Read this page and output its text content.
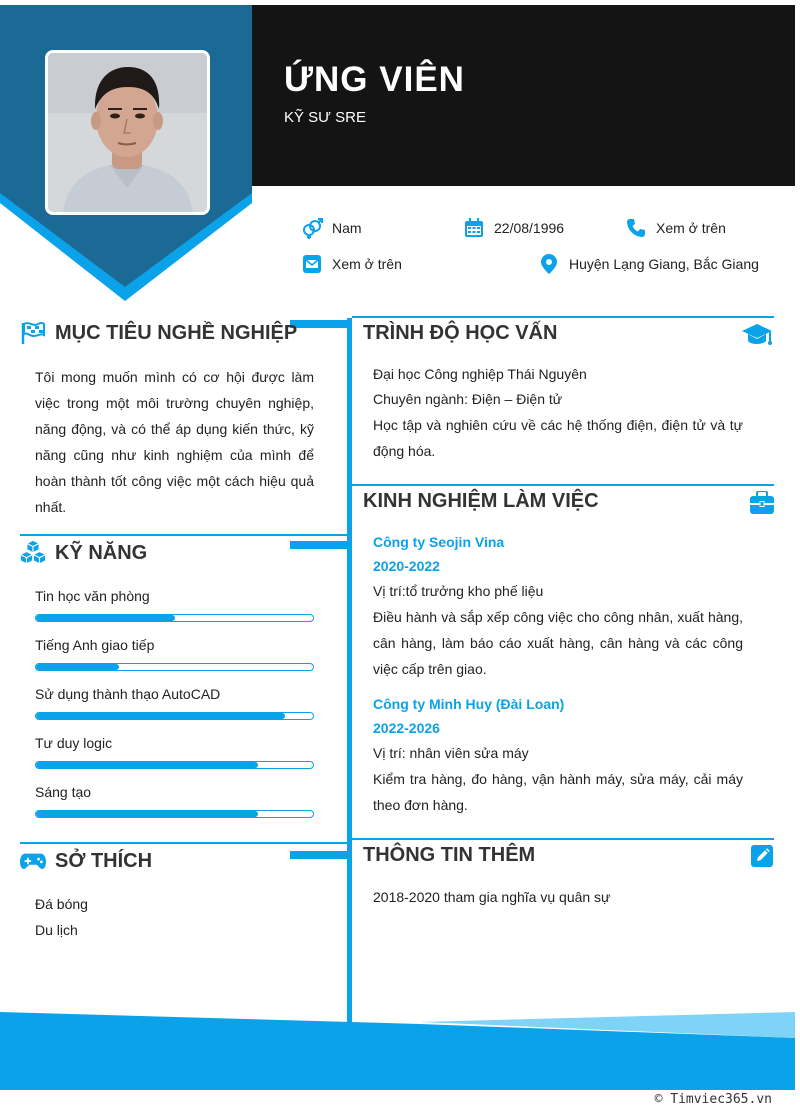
ỨNG VIÊN
KỸ SƯ SRE
Nam	22/08/1996	Xem ở trên
Xem ở trên	Huyện Lạng Giang, Bắc Giang
MỤC TIÊU NGHỀ NGHIỆP
Tôi mong muốn mình có cơ hội được làm việc trong một môi trường chuyên nghiệp, năng động, và có thể áp dụng kiến thức, kỹ năng cũng như kinh nghiệm của mình để hoàn thành tốt công việc một cách hiệu quả nhất.
KỸ NĂNG
Tin học văn phòng
Tiếng Anh giao tiếp
Sử dụng thành thạo AutoCAD
Tư duy logic
Sáng tạo
SỞ THÍCH
Đá bóng
Du lịch
TRÌNH ĐỘ HỌC VẤN
Đại học Công nghiệp Thái Nguyên
Chuyên ngành: Điện – Điện tử
Học tập và nghiên cứu về các hệ thống điện, điện tử và tự động hóa.
KINH NGHIỆM LÀM VIỆC
Công ty Seojin Vina
2020-2022
Vị trí:tổ trưởng kho phế liệu
Điều hành và sắp xếp công việc cho công nhân, xuất hàng, cân hàng, làm báo cáo xuất hàng, cân hàng và các công việc cấp trên giao.
Công ty Minh Huy (Đài Loan)
2022-2026
Vị trí: nhân viên sửa máy
Kiểm tra hàng, đo hàng, vận hành máy, sửa máy, cải máy theo đơn hàng.
THÔNG TIN THÊM
2018-2020 tham gia nghĩa vụ quân sự
© Timviec365.vn
